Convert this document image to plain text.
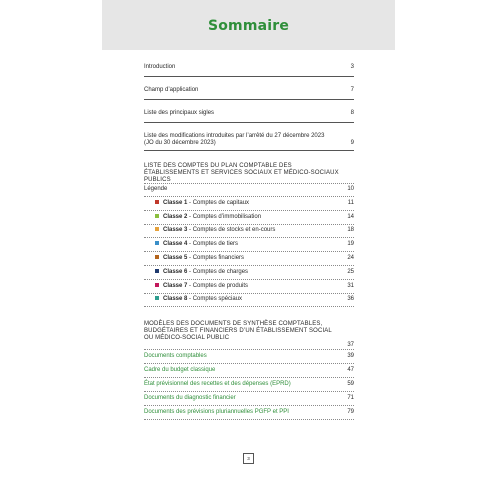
Sommaire
Introduction	3
Champ d’application	7
Liste des principaux sigles	8
Liste des modifications introduites par l’arrêté du 27 décembre 2023 (JO du 30 décembre 2023)	9
LISTE DES COMPTES DU PLAN COMPTABLE DES ÉTABLISSEMENTS ET SERVICES SOCIAUX ET MÉDICO-SOCIAUX PUBLICS
Légende	10
Classe 1 - Comptes de capitaux	11
Classe 2 - Comptes d’immobilisation	14
Classe 3 - Comptes de stocks et en-cours	18
Classe 4 - Comptes de tiers	19
Classe 5 - Comptes financiers	24
Classe 6 - Comptes de charges	25
Classe 7 - Comptes de produits	31
Classe 8 - Comptes spéciaux	36
MODÈLES DES DOCUMENTS DE SYNTHÈSE COMPTABLES, BUDGÉTAIRES ET FINANCIERS D’UN ÉTABLISSEMENT SOCIAL OU MÉDICO-SOCIAL PUBLIC
37
Documents comptables	39
Cadre du budget classique	47
État prévisionnel des recettes et des dépenses (EPRD)	59
Documents du diagnostic financier	71
Documents des prévisions pluriannuelles PGFP et PPI	79
3
